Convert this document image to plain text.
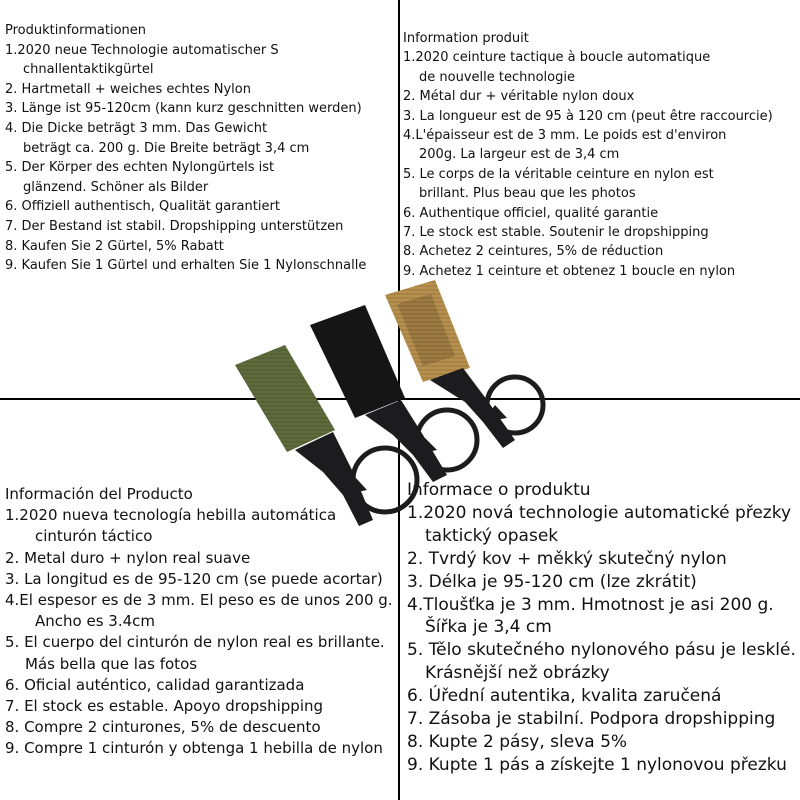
Produktinformationen
1.2020 neue Technologie automatischer S
chnallentaktikgürtel
2. Hartmetall + weiches echtes Nylon
3. Länge ist 95-120cm (kann kurz geschnitten werden)
4. Die Dicke beträgt 3 mm. Das Gewicht
beträgt ca. 200 g. Die Breite beträgt 3,4 cm
5. Der Körper des echten Nylongürtels ist
glänzend. Schöner als Bilder
6. Offiziell authentisch, Qualität garantiert
7. Der Bestand ist stabil. Dropshipping unterstützen
8. Kaufen Sie 2 Gürtel, 5% Rabatt
9. Kaufen Sie 1 Gürtel und erhalten Sie 1 Nylonschnalle
Information produit
1.2020 ceinture tactique à boucle automatique
de nouvelle technologie
2. Métal dur + véritable nylon doux
3. La longueur est de 95 à 120 cm (peut être raccourcie)
4.L'épaisseur est de 3 mm. Le poids est d'environ
200g. La largeur est de 3,4 cm
5. Le corps de la véritable ceinture en nylon est
brillant. Plus beau que les photos
6. Authentique officiel, qualité garantie
7. Le stock est stable. Soutenir le dropshipping
8. Achetez 2 ceintures, 5% de réduction
9. Achetez 1 ceinture et obtenez 1 boucle en nylon
Información del Producto
1.2020 nueva tecnología hebilla automática
cinturón táctico
2. Metal duro + nylon real suave
3. La longitud es de 95-120 cm (se puede acortar)
4.El espesor es de 3 mm. El peso es de unos 200 g.
Ancho es 3.4cm
5. El cuerpo del cinturón de nylon real es brillante.
Más bella que las fotos
6. Oficial auténtico, calidad garantizada
7. El stock es estable. Apoyo dropshipping
8. Compre 2 cinturones, 5% de descuento
9. Compre 1 cinturón y obtenga 1 hebilla de nylon
Informace o produktu
1.2020 nová technologie automatické přezky
taktický opasek
2. Tvrdý kov + měkký skutečný nylon
3. Délka je 95-120 cm (lze zkrátit)
4.Tloušťka je 3 mm. Hmotnost je asi 200 g.
Šířka je 3,4 cm
5. Tělo skutečného nylonového pásu je lesklé.
Krásnější než obrázky
6. Úřední autentika, kvalita zaručená
7. Zásoba je stabilní. Podpora dropshipping
8. Kupte 2 pásy, sleva 5%
9. Kupte 1 pás a získejte 1 nylonovou přezku
